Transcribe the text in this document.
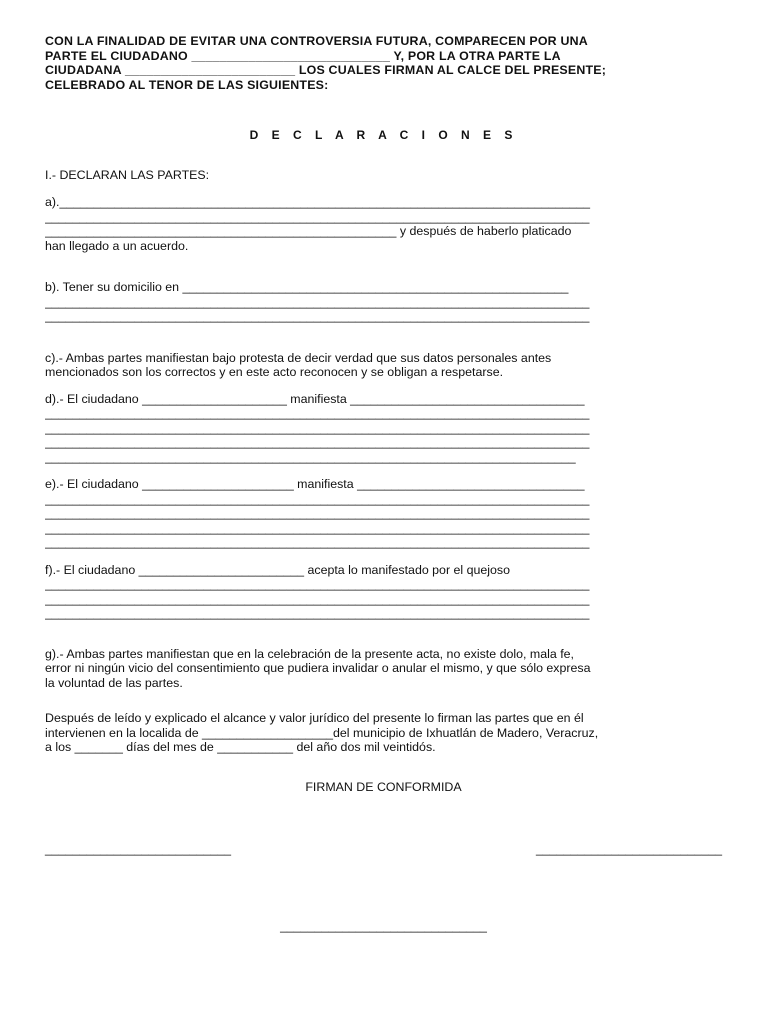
CON LA FINALIDAD DE EVITAR UNA CONTROVERSIA FUTURA, COMPARECEN POR UNA
PARTE EL CIUDADANO ____________________________ Y, POR LA OTRA PARTE LA
CIUDADANA ________________________ LOS CUALES FIRMAN AL CALCE DEL PRESENTE;
CELEBRADO AL TENOR DE LAS SIGUIENTES:
D E C L A R A C I O N E S
I.- DECLARAN LAS PARTES:
a)._____________________________________________________________________________
_______________________________________________________________________________
___________________________________________________ y después de haberlo platicado
han llegado a un acuerdo.
b). Tener su domicilio en ________________________________________________________
_______________________________________________________________________________
_______________________________________________________________________________
c).- Ambas partes manifiestan bajo protesta de decir verdad que sus datos personales antes
mencionados son los correctos y en este acto reconocen y se obligan a respetarse.
d).- El ciudadano _____________________ manifiesta __________________________________
_______________________________________________________________________________
_______________________________________________________________________________
_______________________________________________________________________________
_____________________________________________________________________________
e).- El ciudadano ______________________ manifiesta _________________________________
_______________________________________________________________________________
_______________________________________________________________________________
_______________________________________________________________________________
_______________________________________________________________________________
f).- El ciudadano ________________________ acepta lo manifestado por el quejoso
_______________________________________________________________________________
_______________________________________________________________________________
_______________________________________________________________________________
g).- Ambas partes manifiestan que en la celebración de la presente acta, no existe dolo, mala fe,
error ni ningún vicio del consentimiento que pudiera invalidar o anular el mismo, y que sólo expresa
la voluntad de las partes.
Después de leído y explicado el alcance y valor jurídico del presente lo firman las partes que en él
intervienen en la localida de ___________________del municipio de Ixhuatlán de Madero, Veracruz,
a los _______ días del mes de ___________ del año dos mil veintidós.
FIRMAN DE CONFORMIDA
___________________________	___________________________
______________________________
